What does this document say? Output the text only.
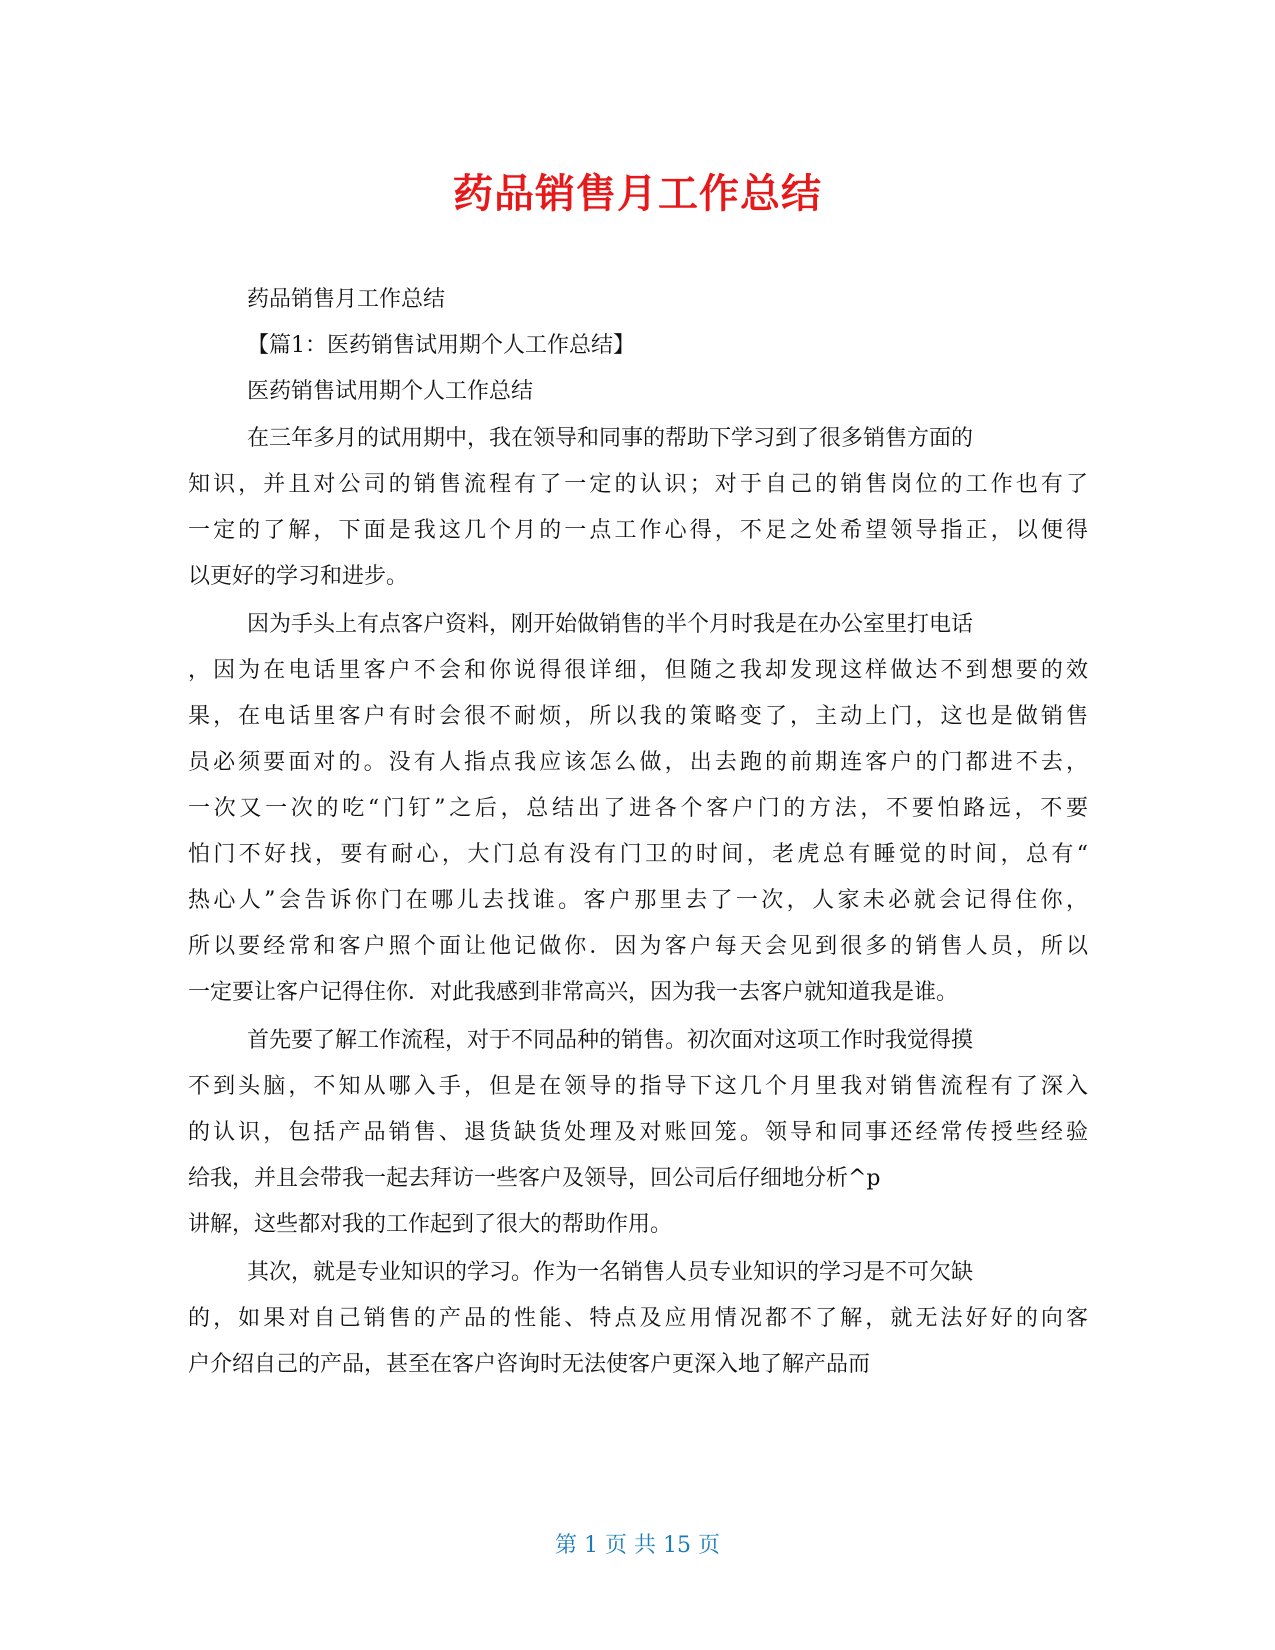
药品销售月工作总结

药品销售月工作总结

【篇1：医药销售试用期个人工作总结】

医药销售试用期个人工作总结

在三年多月的试用期中，我在领导和同事的帮助下学习到了很多销售方面的

知识，并且对公司的销售流程有了一定的认识；对于自己的销售岗位的工作也有了

一定的了解，下面是我这几个月的一点工作心得，不足之处希望领导指正，以便得

以更好的学习和进步。

因为手头上有点客户资料，刚开始做销售的半个月时我是在办公室里打电话

，因为在电话里客户不会和你说得很详细，但随之我却发现这样做达不到想要的效

果，在电话里客户有时会很不耐烦，所以我的策略变了，主动上门，这也是做销售

员必须要面对的。没有人指点我应该怎么做，出去跑的前期连客户的门都进不去，

一次又一次的吃“门钉”之后，总结出了进各个客户门的方法，不要怕路远，不要

怕门不好找，要有耐心，大门总有没有门卫的时间，老虎总有睡觉的时间，总有“

热心人”会告诉你门在哪儿去找谁。客户那里去了一次，人家未必就会记得住你，

所以要经常和客户照个面让他记做你．因为客户每天会见到很多的销售人员，所以

一定要让客户记得住你．对此我感到非常高兴，因为我一去客户就知道我是谁。

首先要了解工作流程，对于不同品种的销售。初次面对这项工作时我觉得摸

不到头脑，不知从哪入手，但是在领导的指导下这几个月里我对销售流程有了深入

的认识，包括产品销售、退货缺货处理及对账回笼。领导和同事还经常传授些经验

给我，并且会带我一起去拜访一些客户及领导，回公司后仔细地分析^p

讲解，这些都对我的工作起到了很大的帮助作用。

其次，就是专业知识的学习。作为一名销售人员专业知识的学习是不可欠缺

的，如果对自己销售的产品的性能、特点及应用情况都不了解，就无法好好的向客

户介绍自己的产品，甚至在客户咨询时无法使客户更深入地了解产品而

第 1 页 共 15 页
